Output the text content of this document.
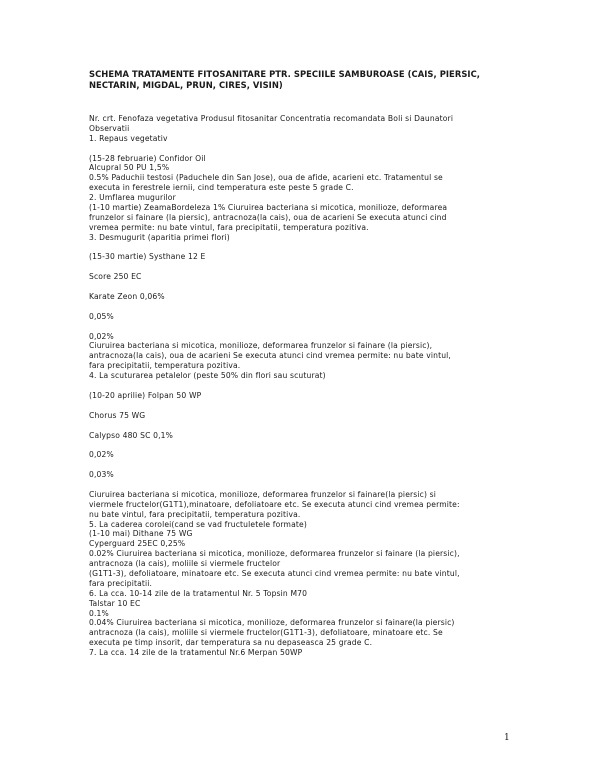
SCHEMA TRATAMENTE FITOSANITARE PTR. SPECIILE SAMBUROASE (CAIS, PIERSIC,
NECTARIN, MIGDAL, PRUN, CIRES, VISIN)
Nr. crt. Fenofaza vegetativa Produsul fitosanitar Concentratia recomandata Boli si Daunatori
Observatii
1. Repaus vegetativ
(15-28 februarie) Confidor Oil
Alcupral 50 PU 1,5%
0.5% Paduchii testosi (Paduchele din San Jose), oua de afide, acarieni etc. Tratamentul se
executa in ferestrele iernii, cind temperatura este peste 5 grade C.
2. Umflarea mugurilor
(1-10 martie) ZeamaBordeleza 1% Ciuruirea bacteriana si micotica, monilioze, deformarea
frunzelor si fainare (la piersic), antracnoza(la cais), oua de acarieni Se executa atunci cind
vremea permite: nu bate vintul, fara precipitatii, temperatura pozitiva.
3. Desmugurit (aparitia primei flori)
(15-30 martie) Systhane 12 E
Score 250 EC
Karate Zeon 0,06%
0,05%
0,02%
Ciuruirea bacteriana si micotica, monilioze, deformarea frunzelor si fainare (la piersic),
antracnoza(la cais), oua de acarieni Se executa atunci cind vremea permite: nu bate vintul,
fara precipitatii, temperatura pozitiva.
4. La scuturarea petalelor (peste 50% din flori sau scuturat)
(10-20 aprilie) Folpan 50 WP
Chorus 75 WG
Calypso 480 SC 0,1%
0,02%
0,03%
Ciuruirea bacteriana si micotica, monilioze, deformarea frunzelor si fainare(la piersic) si
viermele fructelor(G1T1),minatoare, defoliatoare etc. Se executa atunci cind vremea permite:
nu bate vintul, fara precipitatii, temperatura pozitiva.
5. La caderea corolei(cand se vad fructuletele formate)
(1-10 mai) Dithane 75 WG
Cyperguard 25EC 0,25%
0.02% Ciuruirea bacteriana si micotica, monilioze, deformarea frunzelor si fainare (la piersic),
antracnoza (la cais), moliile si viermele fructelor
(G1T1-3), defoliatoare, minatoare etc. Se executa atunci cind vremea permite: nu bate vintul,
fara precipitatii.
6. La cca. 10-14 zile de la tratamentul Nr. 5 Topsin M70
Talstar 10 EC
0.1%
0.04% Ciuruirea bacteriana si micotica, monilioze, deformarea frunzelor si fainare(la piersic)
antracnoza (la cais), moliile si viermele fructelor(G1T1-3), defoliatoare, minatoare etc. Se
executa pe timp insorit, dar temperatura sa nu depaseasca 25 grade C.
7. La cca. 14 zile de la tratamentul Nr.6 Merpan 50WP
1
